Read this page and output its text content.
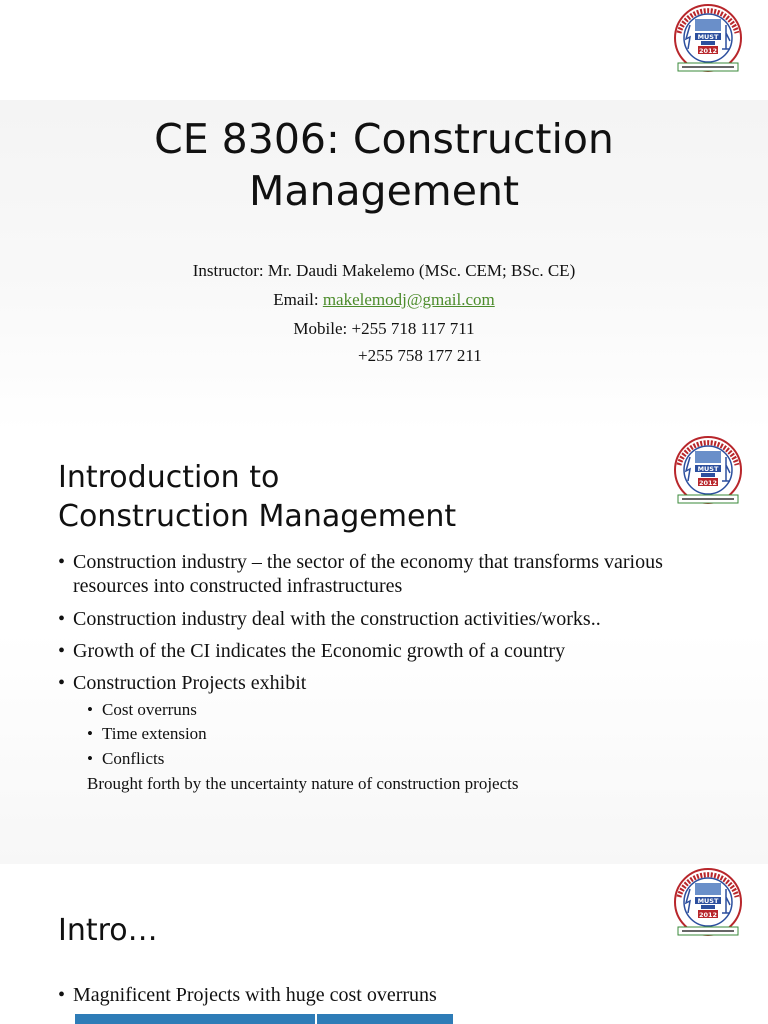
MUST
2012
CE 8306: Construction
Management
Instructor: Mr. Daudi Makelemo (MSc. CEM; BSc. CE)
Email: makelemodj@gmail.com
Mobile: +255 718 117 711
+255 758 177 211
MUST
2012
Introduction to
Construction Management
• Construction industry – the sector of the economy that transforms various resources into constructed infrastructures
• Construction industry deal with the construction activities/works..
• Growth of the CI indicates the Economic growth of a country
• Construction Projects exhibit
• Cost overruns
• Time extension
• Conflicts
Brought forth by the uncertainty nature of construction projects
MUST
2012
Intro…
• Magnificent Projects with huge cost overruns
